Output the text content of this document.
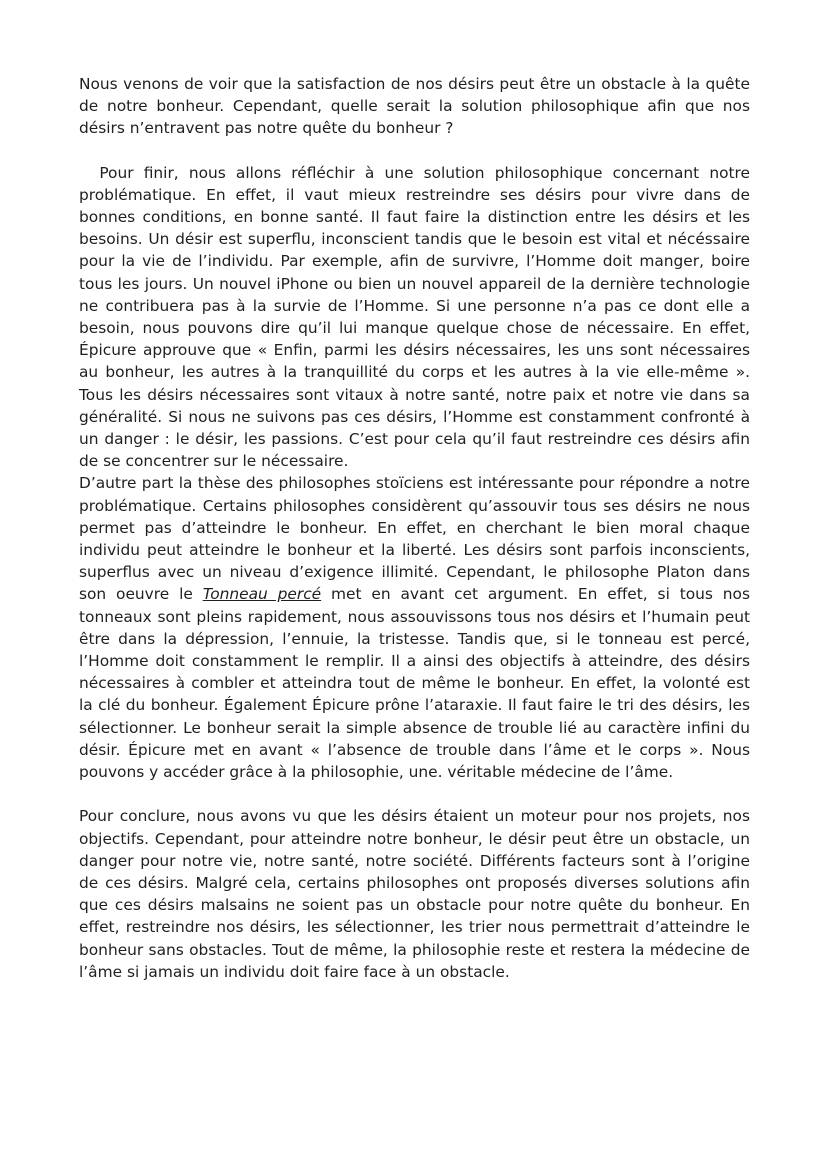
Nous venons de voir que la satisfaction de nos désirs peut être un obstacle à la quête de notre bonheur. Cependant, quelle serait la solution philosophique afin que nos désirs n’entravent pas notre quête du bonheur ?

Pour finir, nous allons réfléchir à une solution philosophique concernant notre problématique. En effet, il vaut mieux restreindre ses désirs pour vivre dans de bonnes conditions, en bonne santé. Il faut faire la distinction entre les désirs et les besoins. Un désir est superflu, inconscient tandis que le besoin est vital et nécéssaire pour la vie de l’individu. Par exemple, afin de survivre, l’Homme doit manger, boire tous les jours. Un nouvel iPhone ou bien un nouvel appareil de la dernière technologie ne contribuera pas à la survie de l’Homme. Si une personne n’a pas ce dont elle a besoin, nous pouvons dire qu’il lui manque quelque chose de nécessaire. En effet, Épicure approuve que « Enfin, parmi les désirs nécessaires, les uns sont nécessaires au bonheur, les autres à la tranquillité du corps et les autres à la vie elle-même ». Tous les désirs nécessaires sont vitaux à notre santé, notre paix et notre vie dans sa généralité. Si nous ne suivons pas ces désirs, l’Homme est constamment confronté à un danger : le désir, les passions. C’est pour cela qu’il faut restreindre ces désirs afin de se concentrer sur le nécessaire.

D’autre part la thèse des philosophes stoïciens est intéressante pour répondre a notre problématique. Certains philosophes considèrent qu’assouvir tous ses désirs ne nous permet pas d’atteindre le bonheur. En effet, en cherchant le bien moral chaque individu peut atteindre le bonheur et la liberté. Les désirs sont parfois inconscients, superflus avec un niveau d’exigence illimité. Cependant, le philosophe Platon dans son oeuvre le Tonneau percé met en avant cet argument. En effet, si tous nos tonneaux sont pleins rapidement, nous assouvissons tous nos désirs et l’humain peut être dans la dépression, l’ennuie, la tristesse. Tandis que, si le tonneau est percé, l’Homme doit constamment le remplir. Il a ainsi des objectifs à atteindre, des désirs nécessaires à combler et atteindra tout de même le bonheur. En effet, la volonté est la clé du bonheur. Également Épicure prône l’ataraxie. Il faut faire le tri des désirs, les sélectionner. Le bonheur serait la simple absence de trouble lié au caractère infini du désir. Épicure met en avant « l’absence de trouble dans l’âme et le corps ». Nous pouvons y accéder grâce à la philosophie, une. véritable médecine de l’âme.

Pour conclure, nous avons vu que les désirs étaient un moteur pour nos projets, nos objectifs. Cependant, pour atteindre notre bonheur, le désir peut être un obstacle, un danger pour notre vie, notre santé, notre société. Différents facteurs sont à l’origine de ces désirs. Malgré cela, certains philosophes ont proposés diverses solutions afin que ces désirs malsains ne soient pas un obstacle pour notre quête du bonheur. En effet, restreindre nos désirs, les sélectionner, les trier nous permettrait d’atteindre le bonheur sans obstacles. Tout de même, la philosophie reste et restera la médecine de l’âme si jamais un individu doit faire face à un obstacle.
